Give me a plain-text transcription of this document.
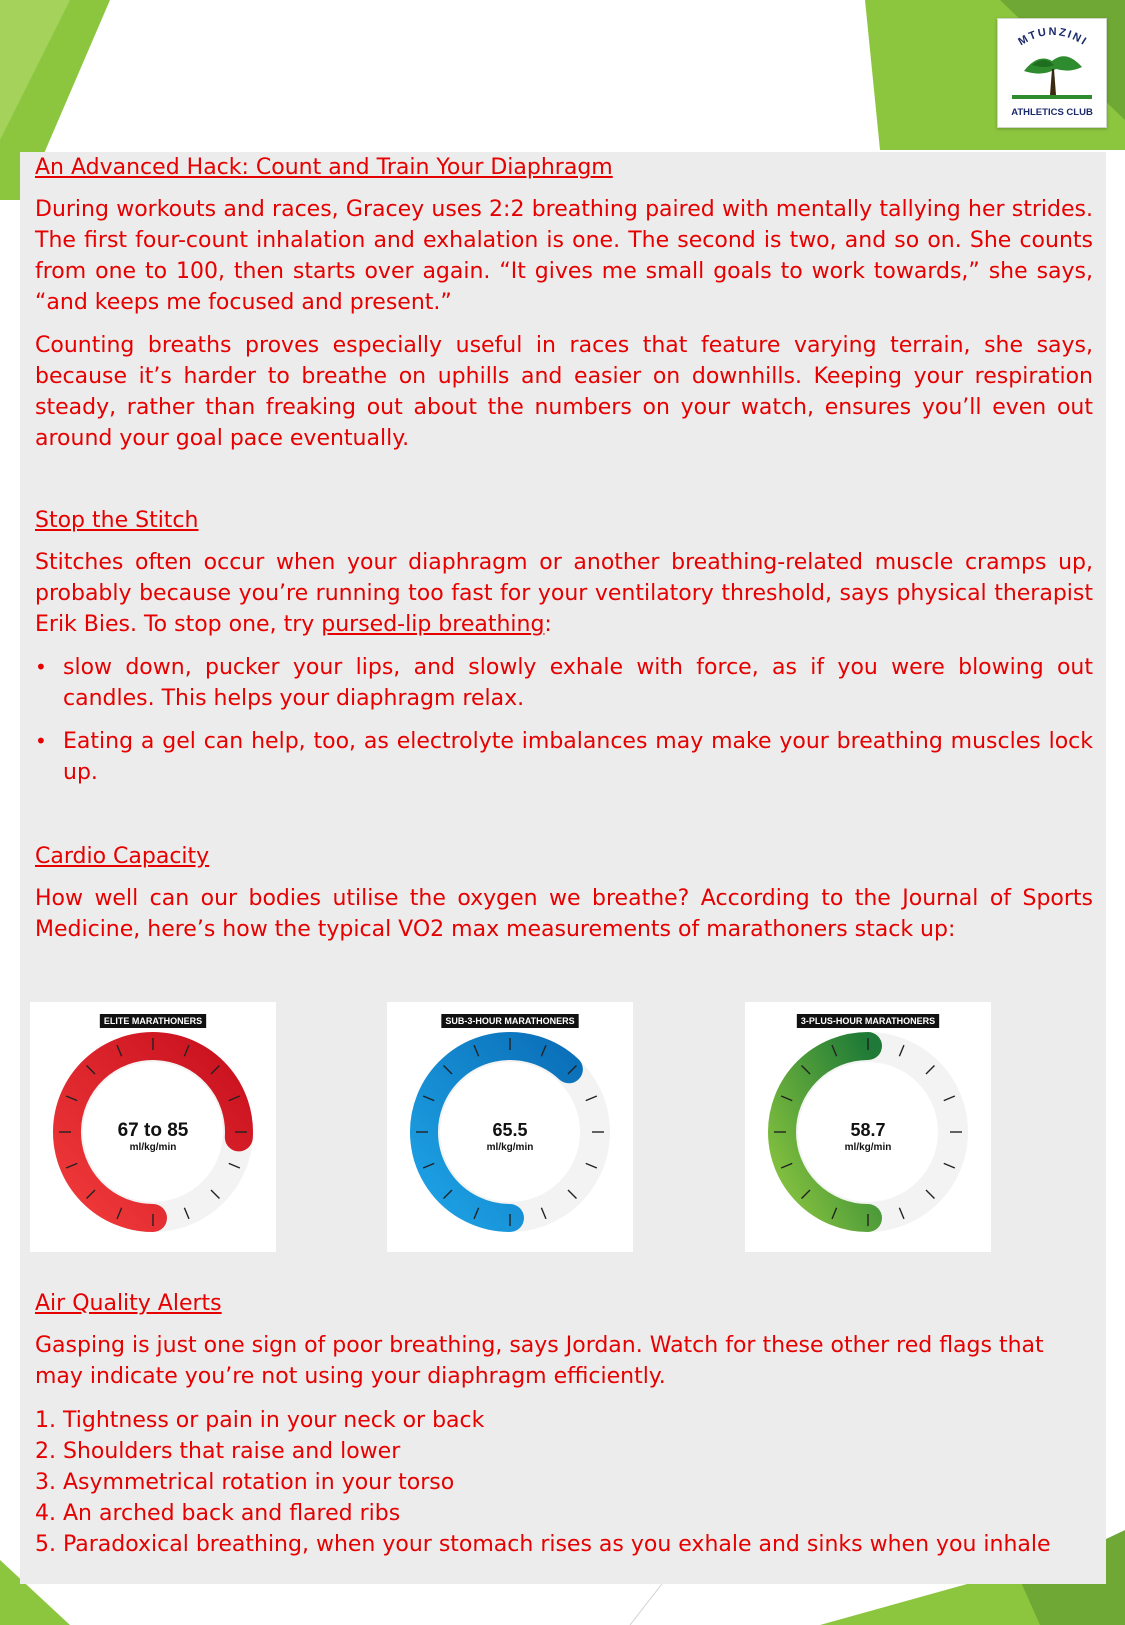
MTUNZINI
ATHLETICS CLUB

An Advanced Hack: Count and Train Your Diaphragm

During workouts and races, Gracey uses 2:2 breathing paired with mentally tallying her strides. The first four-count inhalation and exhalation is one. The second is two, and so on. She counts from one to 100, then starts over again. “It gives me small goals to work towards,” she says, “and keeps me focused and present.”

Counting breaths proves especially useful in races that feature varying terrain, she says, because it’s harder to breathe on uphills and easier on downhills. Keeping your respiration steady, rather than freaking out about the numbers on your watch, ensures you’ll even out around your goal pace eventually.

Stop the Stitch

Stitches often occur when your diaphragm or another breathing-related muscle cramps up, probably because you’re running too fast for your ventilatory threshold, says physical therapist Erik Bies. To stop one, try pursed-lip breathing:

• slow down, pucker your lips, and slowly exhale with force, as if you were blowing out candles. This helps your diaphragm relax.

• Eating a gel can help, too, as electrolyte imbalances may make your breathing muscles lock up.

Cardio Capacity

How well can our bodies utilise the oxygen we breathe? According to the Journal of Sports Medicine, here’s how the typical VO2 max measurements of marathoners stack up:

ELITE MARATHONERS
67 to 85
ml/kg/min
SUB-3-HOUR MARATHONERS
65.5
ml/kg/min
3-PLUS-HOUR MARATHONERS
58.7
ml/kg/min

Air Quality Alerts

Gasping is just one sign of poor breathing, says Jordan. Watch for these other red flags that may indicate you’re not using your diaphragm efficiently.

1. Tightness or pain in your neck or back

2. Shoulders that raise and lower

3. Asymmetrical rotation in your torso

4. An arched back and flared ribs

5. Paradoxical breathing, when your stomach rises as you exhale and sinks when you inhale
